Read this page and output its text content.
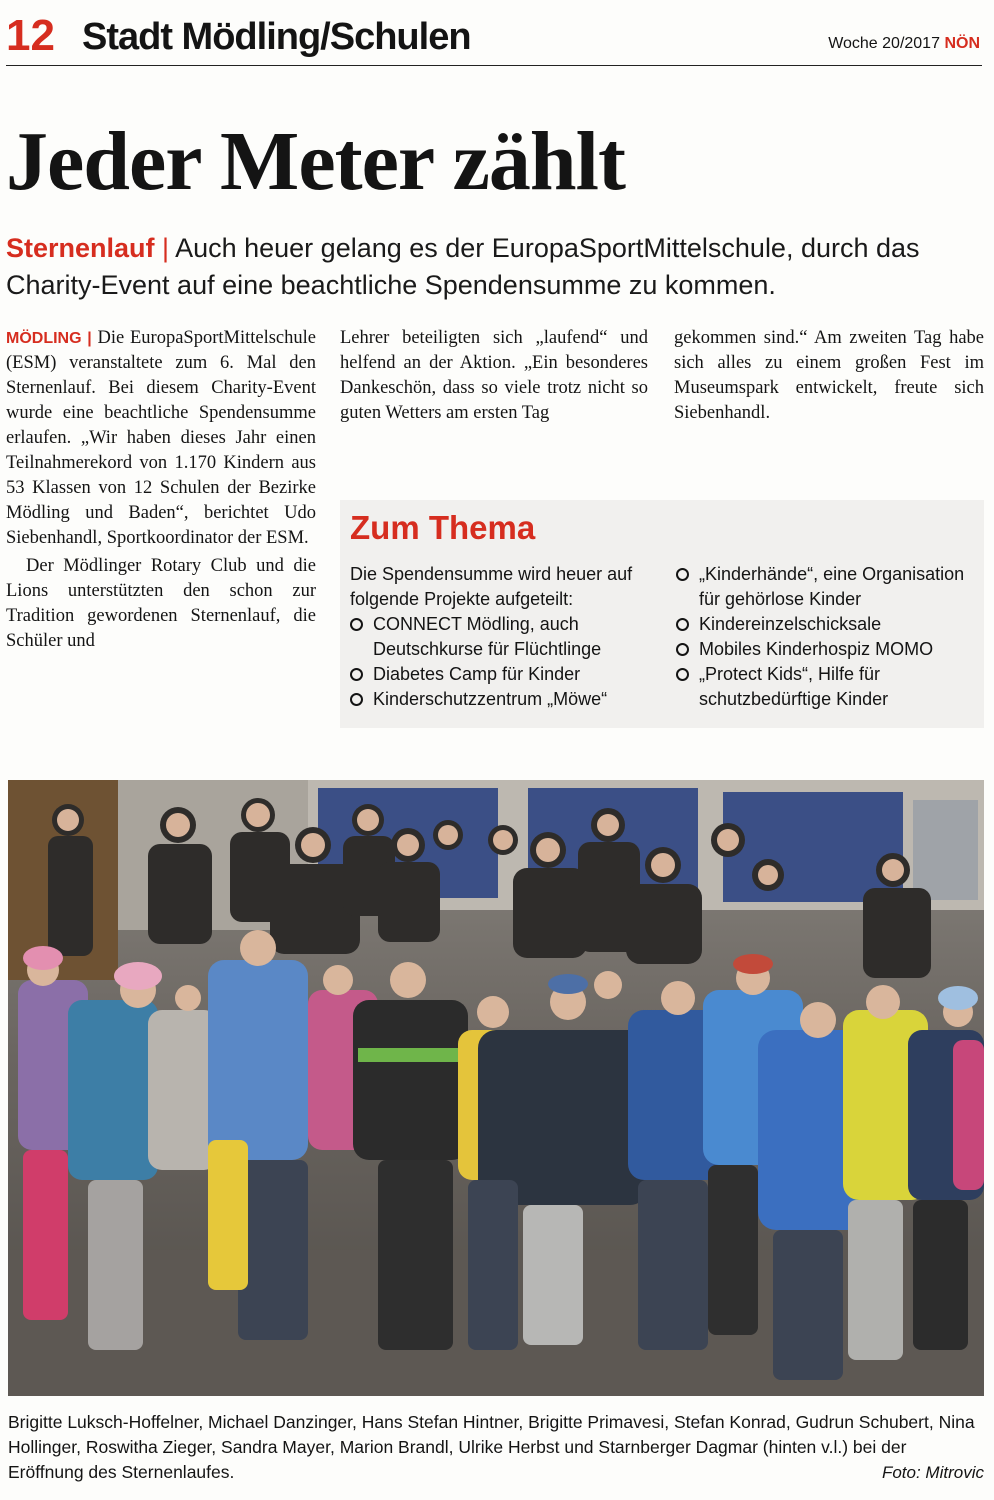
12 Stadt Mödling/Schulen	Woche 20/2017 NÖN
Jeder Meter zählt
Sternenlauf | Auch heuer gelang es der EuropaSportMittelschule, durch das Charity-Event auf eine beachtliche Spendensumme zu kommen.

MÖDLING | Die EuropaSportMittelschule (ESM) veranstaltete zum 6. Mal den Sternenlauf. Bei diesem Charity-Event wurde eine beachtliche Spendensumme erlaufen. „Wir haben dieses Jahr einen Teilnahmerekord von 1.170 Kindern aus 53 Klassen von 12 Schulen der Bezirke Mödling und Baden“, berichtet Udo Siebenhandl, Sportkoordinator der ESM.

Der Mödlinger Rotary Club und die Lions unterstützten den schon zur Tradition gewordenen Sternenlauf, die Schüler und

Lehrer beteiligten sich „laufend“ und helfend an der Aktion. „Ein besonderes Dankeschön, dass so viele trotz nicht so guten Wetters am ersten Tag

gekommen sind.“ Am zweiten Tag habe sich alles zu einem großen Fest im Museumspark entwickelt, freute sich Siebenhandl.

Zum Thema
Die Spendensumme wird heuer auf folgende Projekte aufgeteilt:
CONNECT Mödling, auch Deutschkurse für Flüchtlinge
Diabetes Camp für Kinder
Kinderschutzzentrum „Möwe“
„Kinderhände“, eine Organisation für gehörlose Kinder
Kindereinzelschicksale
Mobiles Kinderhospiz MOMO
„Protect Kids“, Hilfe für schutzbedürftige Kinder
Brigitte Luksch-Hoffelner, Michael Danzinger, Hans Stefan Hintner, Brigitte Primavesi, Stefan Konrad, Gudrun Schubert, Nina Hollinger, Roswitha Zieger, Sandra Mayer, Marion Brandl, Ulrike Herbst und Starnberger Dagmar (hinten v.l.) bei der Eröffnung des Sternenlaufes.	Foto: Mitrovic
